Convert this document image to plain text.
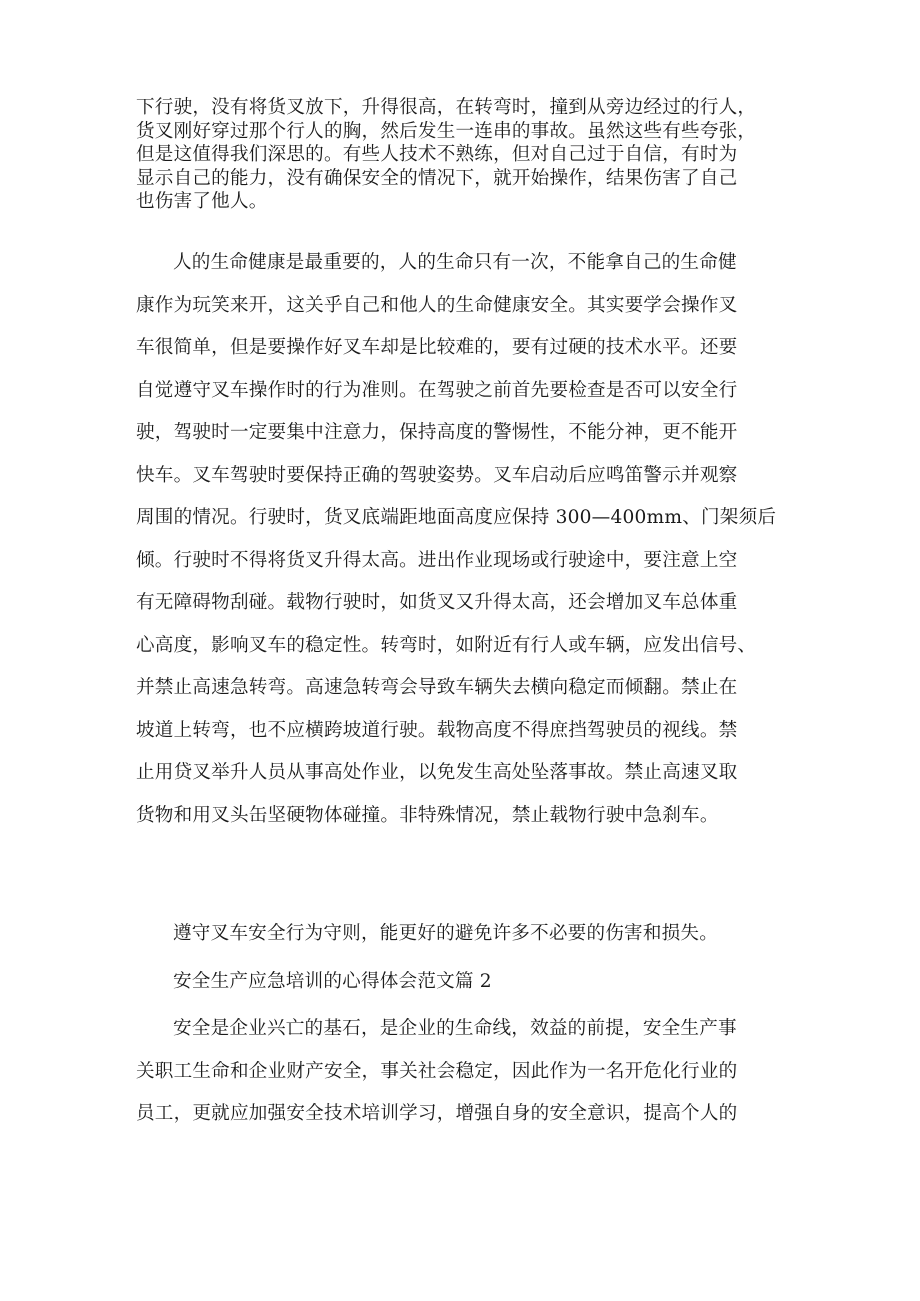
下行驶，没有将货叉放下，升得很高，在转弯时，撞到从旁边经过的行人，
货叉刚好穿过那个行人的胸，然后发生一连串的事故。虽然这些有些夸张，
但是这值得我们深思的。有些人技术不熟练，但对自己过于自信，有时为
显示自己的能力，没有确保安全的情况下，就开始操作，结果伤害了自己
也伤害了他人。

人的生命健康是最重要的，人的生命只有一次，不能拿自己的生命健
康作为玩笑来开，这关乎自己和他人的生命健康安全。其实要学会操作叉
车很简单，但是要操作好叉车却是比较难的，要有过硬的技术水平。还要
自觉遵守叉车操作时的行为准则。在驾驶之前首先要检查是否可以安全行
驶，驾驶时一定要集中注意力，保持高度的警惕性，不能分神，更不能开
快车。叉车驾驶时要保持正确的驾驶姿势。叉车启动后应鸣笛警示并观察
周围的情况。行驶时，货叉底端距地面高度应保持 300—400mm、门架须后
倾。行驶时不得将货叉升得太高。进出作业现场或行驶途中，要注意上空
有无障碍物刮碰。载物行驶时，如货叉又升得太高，还会增加叉车总体重
心高度，影响叉车的稳定性。转弯时，如附近有行人或车辆，应发出信号、
并禁止高速急转弯。高速急转弯会导致车辆失去横向稳定而倾翻。禁止在
坡道上转弯，也不应横跨坡道行驶。载物高度不得庶挡驾驶员的视线。禁
止用贷叉举升人员从事高处作业，以免发生高处坠落事故。禁止高速叉取
货物和用叉头缶坚硬物体碰撞。非特殊情况，禁止载物行驶中急刹车。

遵守叉车安全行为守则，能更好的避免许多不必要的伤害和损失。

安全生产应急培训的心得体会范文篇 2

安全是企业兴亡的基石，是企业的生命线，效益的前提，安全生产事
关职工生命和企业财产安全，事关社会稳定，因此作为一名开危化行业的
员工，更就应加强安全技术培训学习，增强自身的安全意识，提高个人的
